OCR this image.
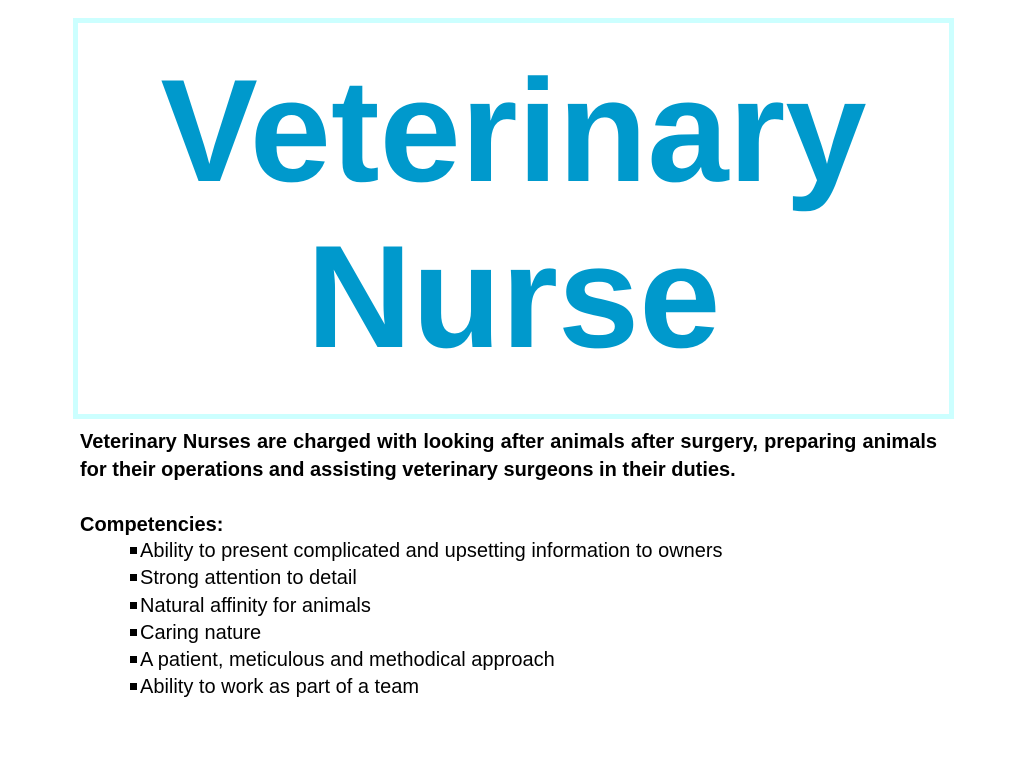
Veterinary
Nurse

Veterinary Nurses are charged with looking after animals after surgery, preparing animals for their operations and assisting veterinary surgeons in their duties.

Competencies:

Ability to present complicated and upsetting information to owners
Strong attention to detail
Natural affinity for animals
Caring nature
A patient, meticulous and methodical approach
Ability to work as part of a team
